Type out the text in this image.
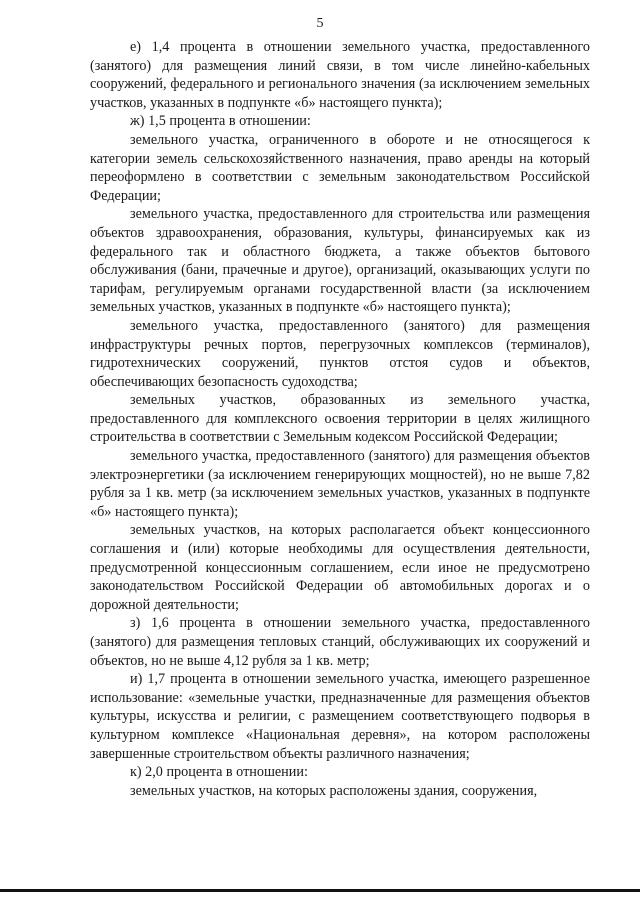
5

е) 1,4 процента в отношении земельного участка, предоставленного (занятого) для размещения линий связи, в том числе линейно-кабельных сооружений, федерального и регионального значения (за исключением земельных участков, указанных в подпункте «б» настоящего пункта);

ж) 1,5 процента в отношении:

земельного участка, ограниченного в обороте и не относящегося к категории земель сельскохозяйственного назначения, право аренды на который переоформлено в соответствии с земельным законодательством Российской Федерации;

земельного участка, предоставленного для строительства или размещения объектов здравоохранения, образования, культуры, финансируемых как из федерального так и областного бюджета, а также объектов бытового обслуживания (бани, прачечные и другое), организаций, оказывающих услуги по тарифам, регулируемым органами государственной власти (за исключением земельных участков, указанных в подпункте «б» настоящего пункта);

земельного участка, предоставленного (занятого) для размещения инфраструктуры речных портов, перегрузочных комплексов (терминалов), гидротехнических сооружений, пунктов отстоя судов и объектов, обеспечивающих безопасность судоходства;

земельных участков, образованных из земельного участка, предоставленного для комплексного освоения территории в целях жилищного строительства в соответствии с Земельным кодексом Российской Федерации;

земельного участка, предоставленного (занятого) для размещения объектов электроэнергетики (за исключением генерирующих мощностей), но не выше 7,82 рубля за 1 кв. метр (за исключением земельных участков, указанных в подпункте «б» настоящего пункта);

земельных участков, на которых располагается объект концессионного соглашения и (или) которые необходимы для осуществления деятельности, предусмотренной концессионным соглашением, если иное не предусмотрено законодательством Российской Федерации об автомобильных дорогах и о дорожной деятельности;

з) 1,6 процента в отношении земельного участка, предоставленного (занятого) для размещения тепловых станций, обслуживающих их сооружений и объектов, но не выше 4,12 рубля за 1 кв. метр;

и) 1,7 процента в отношении земельного участка, имеющего разрешенное использование: «земельные участки, предназначенные для размещения объектов культуры, искусства и религии, с размещением соответствующего подворья в культурном комплексе «Национальная деревня», на котором расположены завершенные строительством объекты различного назначения;

к) 2,0 процента в отношении:

земельных участков, на которых расположены здания, сооружения,
